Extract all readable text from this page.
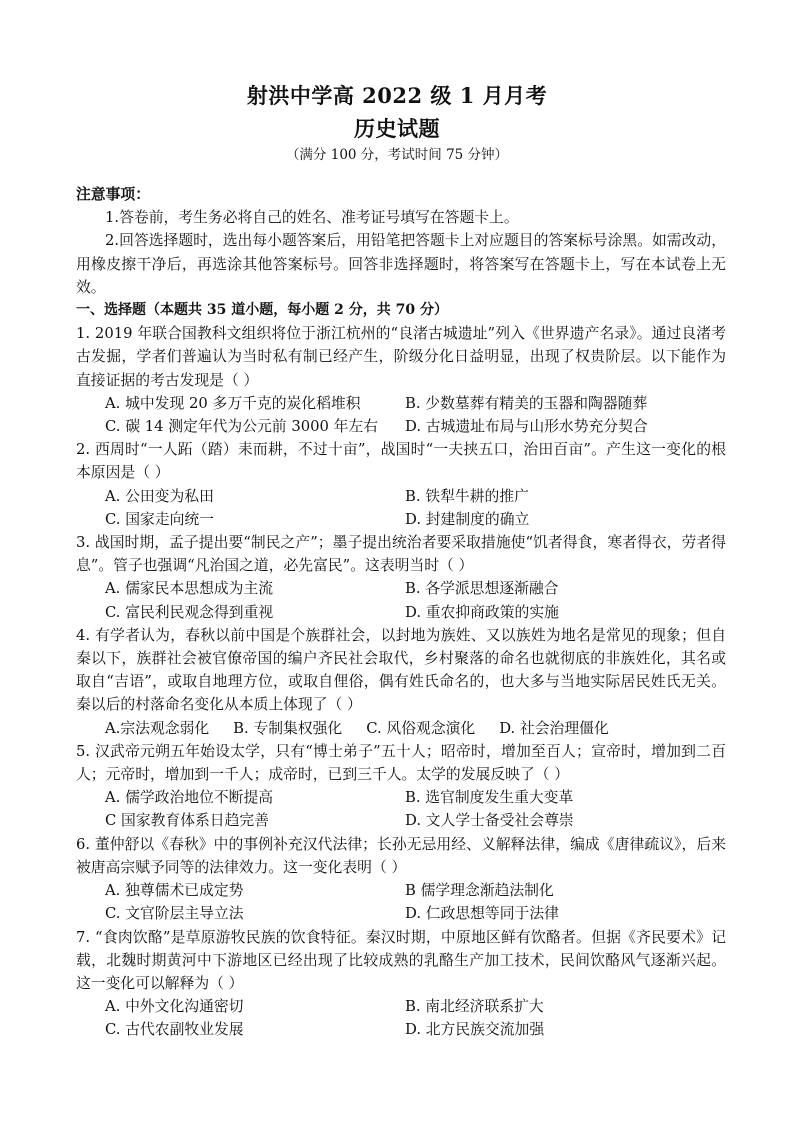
射洪中学高 2022 级 1 月月考
历史试题
（满分 100 分，考试时间 75 分钟）

注意事项：

1.答卷前，考生务必将自己的姓名、准考证号填写在答题卡上。

2.回答选择题时，选出每小题答案后，用铅笔把答题卡上对应题目的答案标号涂黑。如需改动，用橡皮擦干净后，再选涂其他答案标号。回答非选择题时，将答案写在答题卡上，写在本试卷上无效。

一、选择题（本题共 35 道小题，每小题 2 分，共 70 分）

1. 2019 年联合国教科文组织将位于浙江杭州的“良渚古城遗址”列入《世界遗产名录》。通过良渚考古发掘，学者们普遍认为当时私有制已经产生，阶级分化日益明显，出现了权贵阶层。以下能作为直接证据的考古发现是（ ）

A. 城中发现 20 多万千克的炭化稻堆积	B. 少数墓葬有精美的玉器和陶器随葬
C. 碳 14 测定年代为公元前 3000 年左右	D. 古城遗址布局与山形水势充分契合

2. 西周时“一人跖（踏）耒而耕，不过十亩”，战国时“一夫挟五口，治田百亩”。产生这一变化的根本原因是（ ）

A. 公田变为私田	B. 铁犁牛耕的推广
C. 国家走向统一	D. 封建制度的确立

3. 战国时期，孟子提出要“制民之产”；墨子提出统治者要采取措施使“饥者得食，寒者得衣，劳者得息”。管子也强调“凡治国之道，必先富民”。这表明当时（ ）

A. 儒家民本思想成为主流	B. 各学派思想逐渐融合
C. 富民利民观念得到重视	D. 重农抑商政策的实施

4. 有学者认为，春秋以前中国是个族群社会，以封地为族姓、又以族姓为地名是常见的现象；但自秦以下，族群社会被官僚帝国的编户齐民社会取代，乡村聚落的命名也就彻底的非族姓化，其名或取自“吉语”，或取自地理方位，或取自俚俗，偶有姓氏命名的，也大多与当地实际居民姓氏无关。秦以后的村落命名变化从本质上体现了（ ）

A.宗法观念弱化 B. 专制集权强化 C. 风俗观念演化 D. 社会治理僵化

5. 汉武帝元朔五年始设太学，只有“博士弟子”五十人；昭帝时，增加至百人；宣帝时，增加到二百人；元帝时，增加到一千人；成帝时，已到三千人。太学的发展反映了（ ）

A. 儒学政治地位不断提高	B. 选官制度发生重大变革
C 国家教育体系日趋完善	D. 文人学士备受社会尊崇

6. 董仲舒以《春秋》中的事例补充汉代法律；长孙无忌用经、义解释法律，编成《唐律疏议》，后来被唐高宗赋予同等的法律效力。这一变化表明（ ）

A. 独尊儒术已成定势	B 儒学理念渐趋法制化
C. 文官阶层主导立法	D. 仁政思想等同于法律

7. “食肉饮酪”是草原游牧民族的饮食特征。秦汉时期，中原地区鲜有饮酪者。但据《齐民要术》记载，北魏时期黄河中下游地区已经出现了比较成熟的乳酪生产加工技术，民间饮酪风气逐渐兴起。这一变化可以解释为（ ）

A. 中外文化沟通密切	B. 南北经济联系扩大
C. 古代农副牧业发展	D. 北方民族交流加强
